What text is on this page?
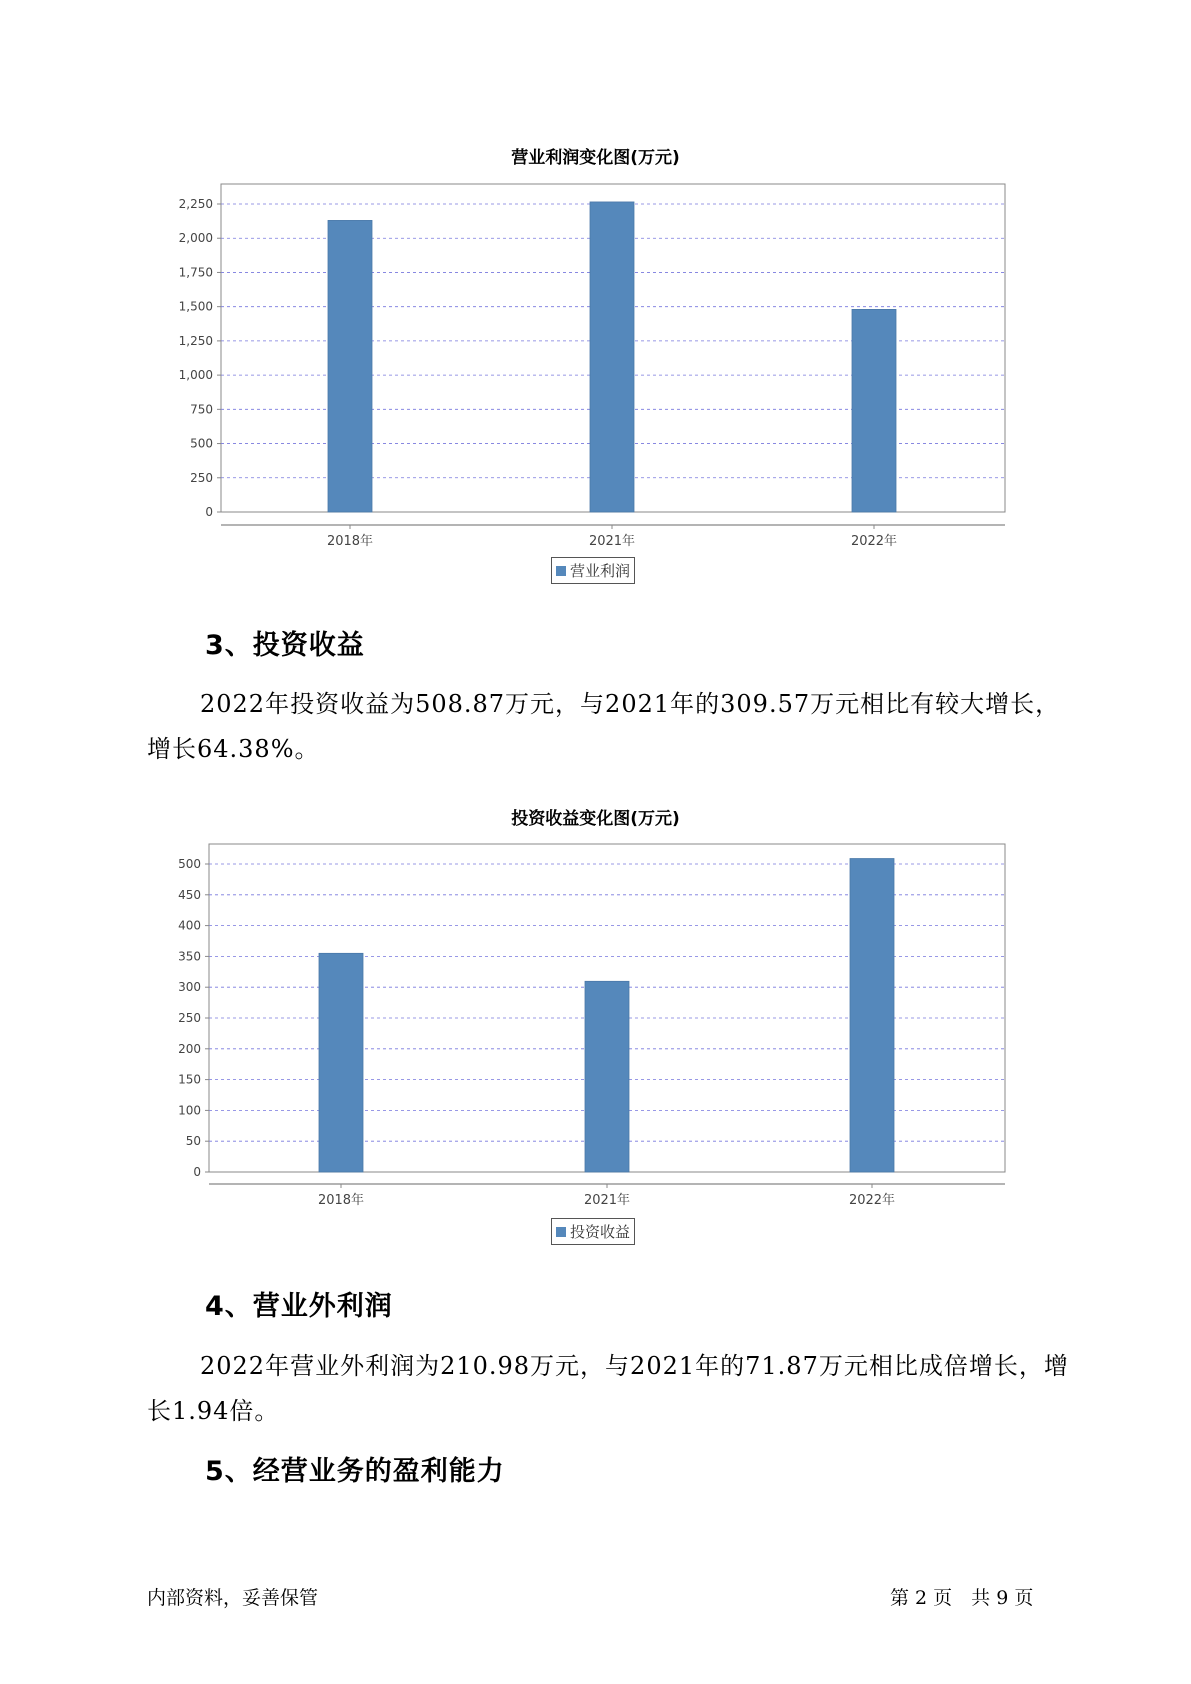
营业利润变化图(万元)
0
250
500
750
1,000
1,250
1,500
1,750
2,000
2,250
2018年	2021年	2022年
营业利润
3、投资收益

2022年投资收益为508.87万元，与2021年的309.57万元相比有较大增长，增长64.38%。

投资收益变化图(万元)
0
50
100
150
200
250
300
350
400
450
500
2018年	2021年	2022年
投资收益
4、营业外利润

2022年营业外利润为210.98万元，与2021年的71.87万元相比成倍增长，增长1.94倍。

5、经营业务的盈利能力
内部资料，妥善保管	第 2 页　共 9 页
